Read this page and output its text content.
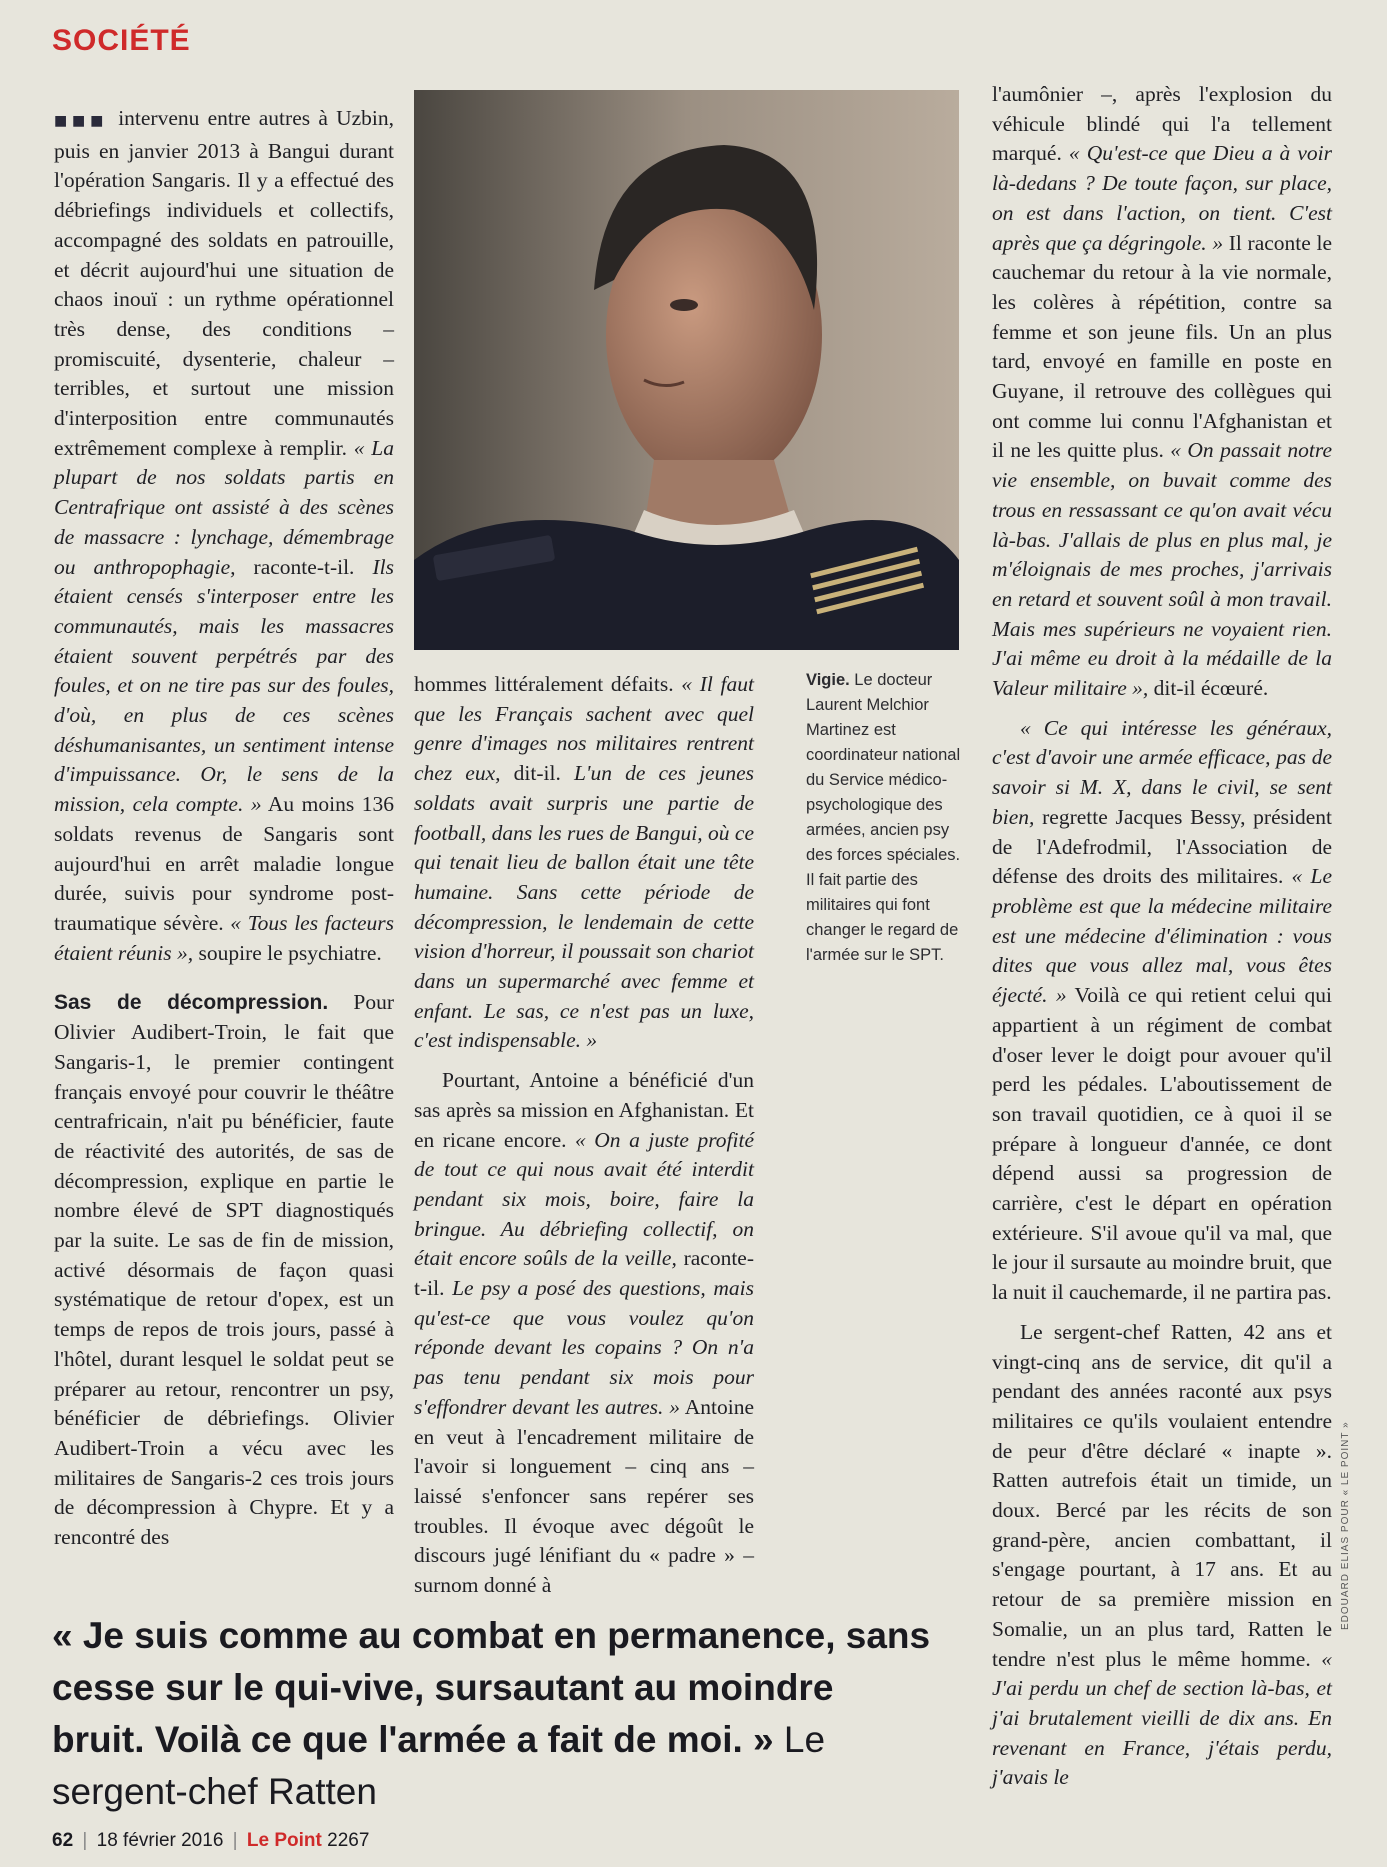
SOCIÉTÉ

■■■ intervenu entre autres à Uzbin, puis en janvier 2013 à Bangui durant l'opération Sangaris. Il y a effectué des débriefings individuels et collectifs, accompagné des soldats en patrouille, et décrit aujourd'hui une situation de chaos inouï : un rythme opérationnel très dense, des conditions – promiscuité, dysenterie, chaleur – terribles, et surtout une mission d'interposition entre communautés extrêmement complexe à remplir. « La plupart de nos soldats partis en Centrafrique ont assisté à des scènes de massacre : lynchage, démembrage ou anthropophagie, raconte-t-il. Ils étaient censés s'interposer entre les communautés, mais les massacres étaient souvent perpétrés par des foules, et on ne tire pas sur des foules, d'où, en plus de ces scènes déshumanisantes, un sentiment intense d'impuissance. Or, le sens de la mission, cela compte. » Au moins 136 soldats revenus de Sangaris sont aujourd'hui en arrêt maladie longue durée, suivis pour syndrome post-traumatique sévère. « Tous les facteurs étaient réunis », soupire le psychiatre.

Sas de décompression. Pour Olivier Audibert-Troin, le fait que Sangaris-1, le premier contingent français envoyé pour couvrir le théâtre centrafricain, n'ait pu bénéficier, faute de réactivité des autorités, de sas de décompression, explique en partie le nombre élevé de SPT diagnostiqués par la suite. Le sas de fin de mission, activé désormais de façon quasi systématique de retour d'opex, est un temps de repos de trois jours, passé à l'hôtel, durant lesquel le soldat peut se préparer au retour, rencontrer un psy, bénéficier de débriefings. Olivier Audibert-Troin a vécu avec les militaires de Sangaris-2 ces trois jours de décompression à Chypre. Et y a rencontré des

Vigie. Le docteur Laurent Melchior Martinez est coordinateur national du Service médico-psychologique des armées, ancien psy des forces spéciales. Il fait partie des militaires qui font changer le regard de l'armée sur le SPT.

hommes littéralement défaits. « Il faut que les Français sachent avec quel genre d'images nos militaires rentrent chez eux, dit-il. L'un de ces jeunes soldats avait surpris une partie de football, dans les rues de Bangui, où ce qui tenait lieu de ballon était une tête humaine. Sans cette période de décompression, le lendemain de cette vision d'horreur, il poussait son chariot dans un supermarché avec femme et enfant. Le sas, ce n'est pas un luxe, c'est indispensable. »

Pourtant, Antoine a bénéficié d'un sas après sa mission en Afghanistan. Et en ricane encore. « On a juste profité de tout ce qui nous avait été interdit pendant six mois, boire, faire la bringue. Au débriefing collectif, on était encore soûls de la veille, raconte-t-il. Le psy a posé des questions, mais qu'est-ce que vous voulez qu'on réponde devant les copains ? On n'a pas tenu pendant six mois pour s'effondrer devant les autres. » Antoine en veut à l'encadrement militaire de l'avoir si longuement – cinq ans – laissé s'enfoncer sans repérer ses troubles. Il évoque avec dégoût le discours jugé lénifiant du « padre » – surnom donné à

l'aumônier –, après l'explosion du véhicule blindé qui l'a tellement marqué. « Qu'est-ce que Dieu a à voir là-dedans ? De toute façon, sur place, on est dans l'action, on tient. C'est après que ça dégringole. » Il raconte le cauchemar du retour à la vie normale, les colères à répétition, contre sa femme et son jeune fils. Un an plus tard, envoyé en famille en poste en Guyane, il retrouve des collègues qui ont comme lui connu l'Afghanistan et il ne les quitte plus. « On passait notre vie ensemble, on buvait comme des trous en ressassant ce qu'on avait vécu là-bas. J'allais de plus en plus mal, je m'éloignais de mes proches, j'arrivais en retard et souvent soûl à mon travail. Mais mes supérieurs ne voyaient rien. J'ai même eu droit à la médaille de la Valeur militaire », dit-il écœuré.

« Ce qui intéresse les généraux, c'est d'avoir une armée efficace, pas de savoir si M. X, dans le civil, se sent bien, regrette Jacques Bessy, président de l'Adefrodmil, l'Association de défense des droits des militaires. « Le problème est que la médecine militaire est une médecine d'élimination : vous dites que vous allez mal, vous êtes éjecté. » Voilà ce qui retient celui qui appartient à un régiment de combat d'oser lever le doigt pour avouer qu'il perd les pédales. L'aboutissement de son travail quotidien, ce à quoi il se prépare à longueur d'année, ce dont dépend aussi sa progression de carrière, c'est le départ en opération extérieure. S'il avoue qu'il va mal, que le jour il sursaute au moindre bruit, que la nuit il cauchemarde, il ne partira pas.

Le sergent-chef Ratten, 42 ans et vingt-cinq ans de service, dit qu'il a pendant des années raconté aux psys militaires ce qu'ils voulaient entendre de peur d'être déclaré « inapte ». Ratten autrefois était un timide, un doux. Bercé par les récits de son grand-père, ancien combattant, il s'engage pourtant, à 17 ans. Et au retour de sa première mission en Somalie, un an plus tard, Ratten le tendre n'est plus le même homme. « J'ai perdu un chef de section là-bas, et j'ai brutalement vieilli de dix ans. En revenant en France, j'étais perdu, j'avais le

« Je suis comme au combat en permanence, sans cesse sur le qui-vive, sursautant au moindre bruit. Voilà ce que l'armée a fait de moi. » Le sergent-chef Ratten
62 | 18 février 2016 | Le Point 2267
EDOUARD ELIAS POUR « LE POINT »
